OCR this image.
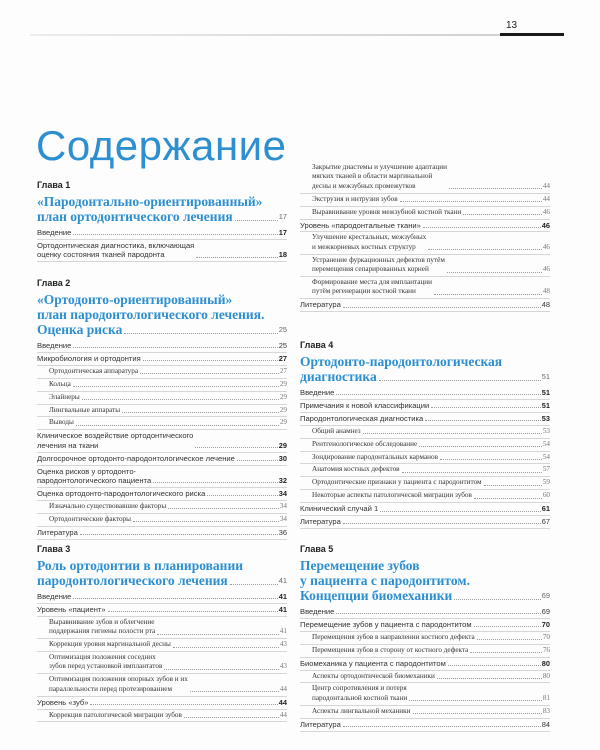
13
Содержание
Глава 1
«Пародонтально-ориентированный»
план ортодонтического лечения	17
Введение	17
Ортодонтическая диагностика, включающая
оценку состояния тканей пародонта	18
Глава 2
«Ортодонто-ориентированный»
план пародонтологического лечения.
Оценка риска	25
Введение	25
Микробиология и ортодонтия	27
Ортодонтическая аппаратура	27
Кольца	29
Элайнеры	29
Лингвальные аппараты	29
Выводы	29
Клиническое воздействие ортодонтического
лечения на ткани	29
Долгосрочное ортодонто-пародонтологическое лечение	30
Оценка рисков у ортодонто-
пародонтологического пациента	32
Оценка ортодонто-пародонтологического риска	34
Изначально существовавшие факторы	34
Ортодонтические факторы	34
Литература	36
Глава 3
Роль ортодонтии в планировании
пародонтологического лечения	41
Введение	41
Уровень «пациент»	41
Выравнивание зубов и облегчение
поддержания гигиены полости рта	41
Коррекция уровня маргинальной десны	43
Оптимизация положения соседних
зубов перед установкой имплантатов	43
Оптимизация положения опорных зубов и их
параллельности перед протезированием	44
Уровень «зуб»	44
Коррекция патологической миграции зубов	44
Закрытие диастемы и улучшение адаптации
мягких тканей в области маргинальной
десны и межзубных промежутков	44
Экструзия и интрузия зубов	44
Выравнивание уровня межзубной костной ткани	46
Уровень «пародонтальные ткани»	46
Улучшение крестальных, межзубных
и межкорневых костных структур	46
Устранение фуркационных дефектов путём
перемещения сепарированных корней	46
Формирование места для имплантации
путём регенерации костной ткани	48
Литература	48
Глава 4
Ортодонто-пародонтологическая
диагностика	51
Введение	51
Примечания к новой классификации	51
Пародонтологическая диагностика	53
Общий анамнез	53
Рентгенологическое обследование	54
Зондирование пародонтальных карманов	54
Анатомия костных дефектов	57
Ортодонтические признаки у пациента с пародонтитом	59
Некоторые аспекты патологической миграции зубов	60
Клинический случай 1	61
Литература	67
Глава 5
Перемещение зубов
у пациента с пародонтитом.
Концепции биомеханики	69
Введение	69
Перемещение зубов у пациента с пародонтитом	70
Перемещения зубов в направлении костного дефекта	70
Перемещения зубов в сторону от костного дефекта	76
Биомеханика у пациента с пародонтитом	80
Аспекты ортодонтической биомеханики	80
Центр сопротивления и потеря
пародонтальной костной ткани	81
Аспекты лингвальной механики	83
Литература	84
